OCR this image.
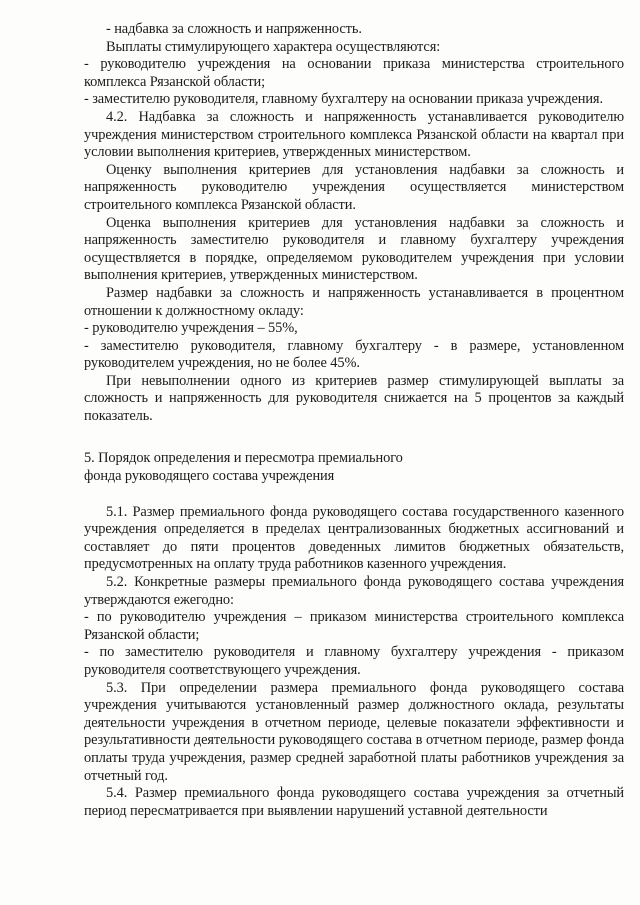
- надбавка за сложность и напряженность.

Выплаты стимулирующего характера осуществляются:

- руководителю учреждения на основании приказа министерства строительного комплекса Рязанской области;

- заместителю руководителя, главному бухгалтеру на основании приказа учреждения.

4.2. Надбавка за сложность и напряженность устанавливается руководителю учреждения министерством строительного комплекса Рязанской области на квартал при условии выполнения критериев, утвержденных министерством.

Оценку выполнения критериев для установления надбавки за сложность и напряженность руководителю учреждения осуществляется министерством строительного комплекса Рязанской области.

Оценка выполнения критериев для установления надбавки за сложность и напряженность заместителю руководителя и главному бухгалтеру учреждения осуществляется в порядке, определяемом руководителем учреждения при условии выполнения критериев, утвержденных министерством.

Размер надбавки за сложность и напряженность устанавливается в процентном отношении к должностному окладу:

- руководителю учреждения – 55%,

- заместителю руководителя, главному бухгалтеру - в размере, установленном руководителем учреждения, но не более 45%.

При невыполнении одного из критериев размер стимулирующей выплаты за сложность и напряженность для руководителя снижается на 5 процентов за каждый показатель.

5. Порядок определения и пересмотра премиального

фонда руководящего состава учреждения

5.1. Размер премиального фонда руководящего состава государственного казенного учреждения определяется в пределах централизованных бюджетных ассигнований и составляет до пяти процентов доведенных лимитов бюджетных обязательств, предусмотренных на оплату труда работников казенного учреждения.

5.2. Конкретные размеры премиального фонда руководящего состава учреждения утверждаются ежегодно:

- по руководителю учреждения – приказом министерства строительного комплекса Рязанской области;

- по заместителю руководителя и главному бухгалтеру учреждения - приказом руководителя соответствующего учреждения.

5.3. При определении размера премиального фонда руководящего состава учреждения учитываются установленный размер должностного оклада, результаты деятельности учреждения в отчетном периоде, целевые показатели эффективности и результативности деятельности руководящего состава в отчетном периоде, размер фонда оплаты труда учреждения, размер средней заработной платы работников учреждения за отчетный год.

5.4. Размер премиального фонда руководящего состава учреждения за отчетный период пересматривается при выявлении нарушений уставной деятельности
